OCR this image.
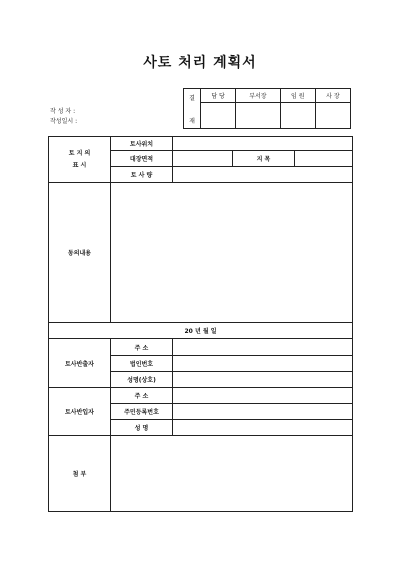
사토 처리 계획서
결
재	담 당	부서장	임 원	사 장

작 성 자 :
작성일시 :
토 지 의
표 시	토사위치			
	대장면적		지 목	
	토 사 량			
동의내용				
20 년 월 일				
토사반출자	주 소			
	법인번호			
	성명(상호)			
토사반입자	주 소			
	주민등록번호			
	성 명			
첨 부				
